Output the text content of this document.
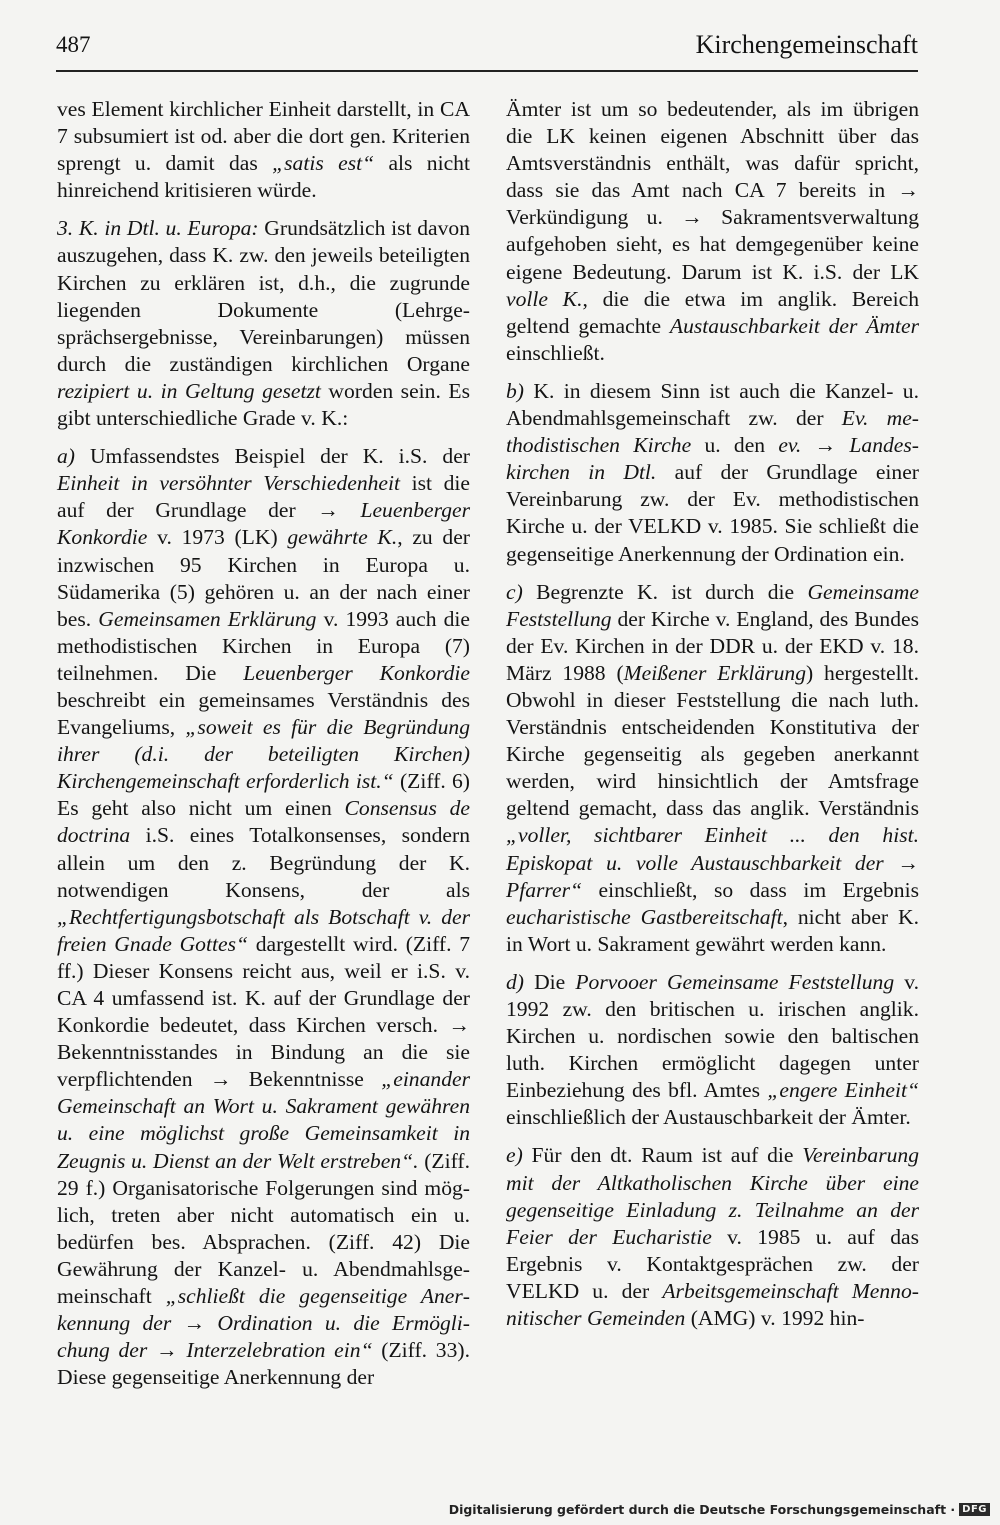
487	Kirchengemeinschaft

ves Element kirchlicher Einheit darstellt, in CA 7 subsumiert ist od. aber die dort gen. Kriterien sprengt u. damit das „satis est“ als nicht hinreichend kritisieren würde.

3. K. in Dtl. u. Europa: Grundsätzlich ist davon auszugehen, dass K. zw. den jeweils beteiligten Kirchen zu erklären ist, d.h., die zugrunde liegenden Dokumente (Lehrgesprächsergebnisse, Vereinbarungen) müssen durch die zuständigen kirchlichen Organe rezipiert u. in Geltung gesetzt worden sein. Es gibt unterschiedliche Grade v. K.:

a) Umfassendstes Beispiel der K. i.S. der Einheit in versöhnter Verschiedenheit ist die auf der Grundlage der → Leuenberger Konkordie v. 1973 (LK) gewährte K., zu der inzwischen 95 Kirchen in Europa u. Südamerika (5) gehören u. an der nach einer bes. Gemeinsamen Erklärung v. 1993 auch die methodistischen Kirchen in Europa (7) teilnehmen. Die Leuenberger Konkordie beschreibt ein gemeinsames Verständnis des Evangeliums, „soweit es für die Begründung ihrer (d.i. der beteiligten Kirchen) Kirchengemeinschaft erforderlich ist.“ (Ziff. 6) Es geht also nicht um einen Consensus de doctrina i.S. eines Totalkonsenses, sondern allein um den z. Begründung der K. notwendigen Konsens, der als „Rechtfertigungsbotschaft als Botschaft v. der freien Gnade Gottes“ dargestellt wird. (Ziff. 7 ff.) Dieser Konsens reicht aus, weil er i.S. v. CA 4 umfassend ist. K. auf der Grundlage der Konkordie bedeutet, dass Kirchen versch. → Bekenntnisstandes in Bindung an die sie verpflichtenden → Bekenntnisse „einander Gemeinschaft an Wort u. Sakrament gewähren u. eine möglichst große Gemeinsamkeit in Zeugnis u. Dienst an der Welt erstreben“. (Ziff. 29 f.) Organisatorische Folgerungen sind möglich, treten aber nicht automatisch ein u. bedürfen bes. Absprachen. (Ziff. 42) Die Gewährung der Kanzel- u. Abendmahlsgemeinschaft „schließt die gegenseitige Anerkennung der → Ordination u. die Ermöglichung der → Interzelebration ein“ (Ziff. 33). Diese gegenseitige Anerkennung der

Ämter ist um so bedeutender, als im übrigen die LK keinen eigenen Abschnitt über das Amtsverständnis enthält, was dafür spricht, dass sie das Amt nach CA 7 bereits in → Verkündigung u. → Sakramentsverwaltung aufgehoben sieht, es hat demgegenüber keine eigene Bedeutung. Darum ist K. i.S. der LK volle K., die die etwa im anglik. Bereich geltend gemachte Austauschbarkeit der Ämter einschließt.

b) K. in diesem Sinn ist auch die Kanzel- u. Abendmahlsgemeinschaft zw. der Ev. methodistischen Kirche u. den ev. → Landeskirchen in Dtl. auf der Grundlage einer Vereinbarung zw. der Ev. methodistischen Kirche u. der VELKD v. 1985. Sie schließt die gegenseitige Anerkennung der Ordination ein.

c) Begrenzte K. ist durch die Gemeinsame Feststellung der Kirche v. England, des Bundes der Ev. Kirchen in der DDR u. der EKD v. 18. März 1988 (Meißener Erklärung) hergestellt. Obwohl in dieser Feststellung die nach luth. Verständnis entscheidenden Konstitutiva der Kirche gegenseitig als gegeben anerkannt werden, wird hinsichtlich der Amtsfrage geltend gemacht, dass das anglik. Verständnis „voller, sichtbarer Einheit ... den hist. Episkopat u. volle Austauschbarkeit der → Pfarrer“ einschließt, so dass im Ergebnis eucharistische Gastbereitschaft, nicht aber K. in Wort u. Sakrament gewährt werden kann.

d) Die Porvooer Gemeinsame Feststellung v. 1992 zw. den britischen u. irischen anglik. Kirchen u. nordischen sowie den baltischen luth. Kirchen ermöglicht dagegen unter Einbeziehung des bfl. Amtes „engere Einheit“ einschließlich der Austauschbarkeit der Ämter.

e) Für den dt. Raum ist auf die Vereinbarung mit der Altkatholischen Kirche über eine gegenseitige Einladung z. Teilnahme an der Feier der Eucharistie v. 1985 u. auf das Ergebnis v. Kontaktgesprächen zw. der VELKD u. der Arbeitsgemeinschaft Mennonitischer Gemeinden (AMG) v. 1992 hin-

Digitalisierung gefördert durch die Deutsche Forschungsgemeinschaft · DFG
